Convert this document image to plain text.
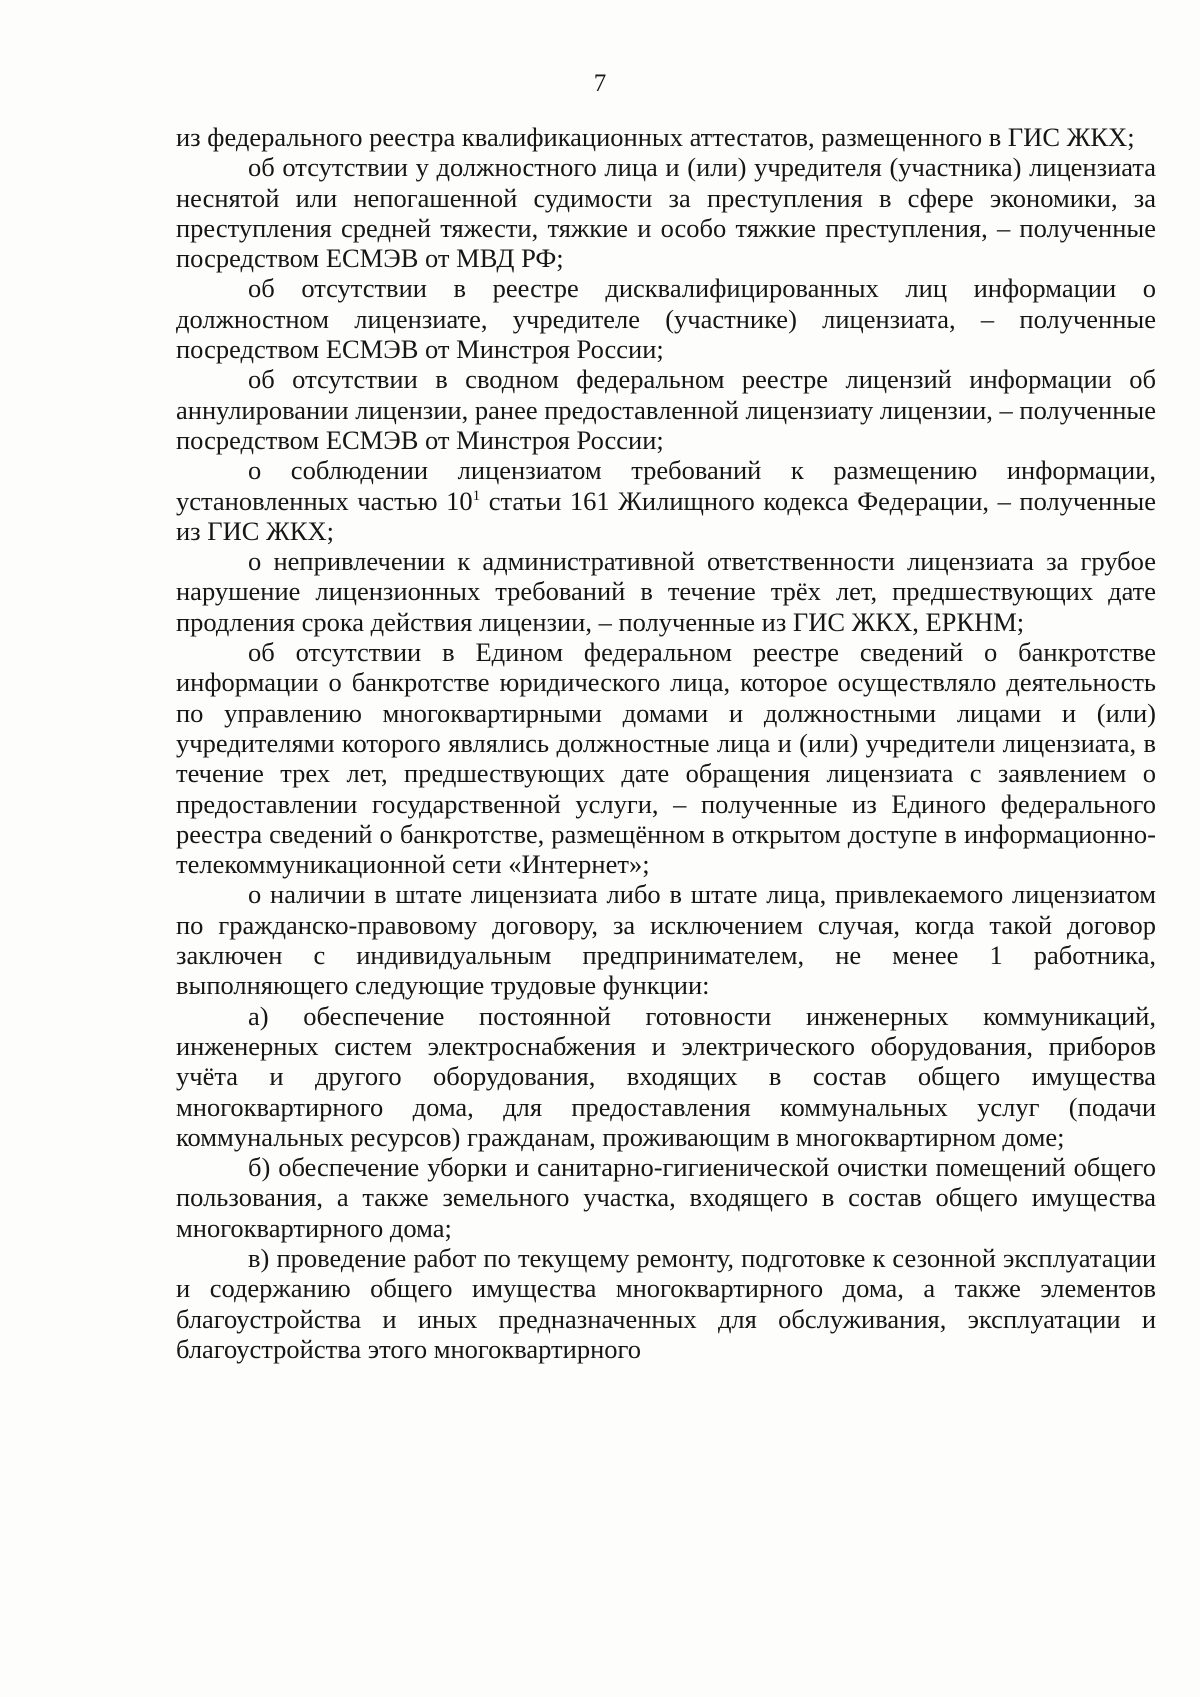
7

из федерального реестра квалификационных аттестатов, размещенного в ГИС ЖКХ;

об отсутствии у должностного лица и (или) учредителя (участника) лицензиата неснятой или непогашенной судимости за преступления в сфере экономики, за преступления средней тяжести, тяжкие и особо тяжкие преступления, – полученные посредством ЕСМЭВ от МВД РФ;

об отсутствии в реестре дисквалифицированных лиц информации о должностном лицензиате, учредителе (участнике) лицензиата, – полученные посредством ЕСМЭВ от Минстроя России;

об отсутствии в сводном федеральном реестре лицензий информации об аннулировании лицензии, ранее предоставленной лицензиату лицензии, – полученные посредством ЕСМЭВ от Минстроя России;

о соблюдении лицензиатом требований к размещению информации, установленных частью $10^1$ статьи 161 Жилищного кодекса Федерации, – полученные из ГИС ЖКХ;

о непривлечении к административной ответственности лицензиата за грубое нарушение лицензионных требований в течение трёх лет, предшествующих дате продления срока действия лицензии, – полученные из ГИС ЖКХ, ЕРКНМ;

об отсутствии в Едином федеральном реестре сведений о банкротстве информации о банкротстве юридического лица, которое осуществляло деятельность по управлению многоквартирными домами и должностными лицами и (или) учредителями которого являлись должностные лица и (или) учредители лицензиата, в течение трех лет, предшествующих дате обращения лицензиата с заявлением о предоставлении государственной услуги, – полученные из Единого федерального реестра сведений о банкротстве, размещённом в открытом доступе в информационно-телекоммуникационной сети «Интернет»;

о наличии в штате лицензиата либо в штате лица, привлекаемого лицензиатом по гражданско-правовому договору, за исключением случая, когда такой договор заключен с индивидуальным предпринимателем, не менее 1 работника, выполняющего следующие трудовые функции:

а) обеспечение постоянной готовности инженерных коммуникаций, инженерных систем электроснабжения и электрического оборудования, приборов учёта и другого оборудования, входящих в состав общего имущества многоквартирного дома, для предоставления коммунальных услуг (подачи коммунальных ресурсов) гражданам, проживающим в многоквартирном доме;

б) обеспечение уборки и санитарно-гигиенической очистки помещений общего пользования, а также земельного участка, входящего в состав общего имущества многоквартирного дома;

в) проведение работ по текущему ремонту, подготовке к сезонной эксплуатации и содержанию общего имущества многоквартирного дома, а также элементов благоустройства и иных предназначенных для обслуживания, эксплуатации и благоустройства этого многоквартирного
